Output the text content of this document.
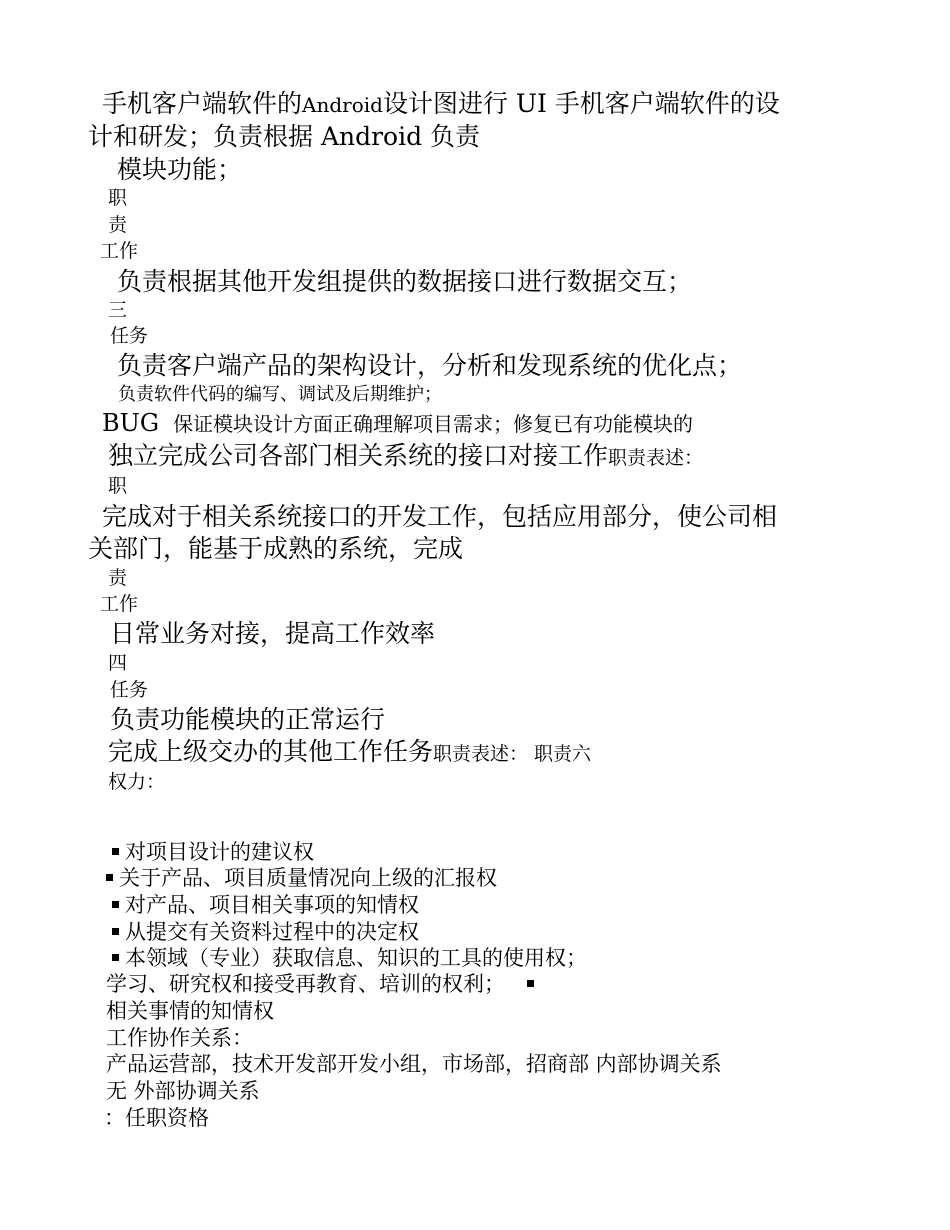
手机客户端软件的Android设计图进行 UI 手机客户端软件的设
计和研发；负责根据 Android 负责
模块功能；
职
责
工作
负责根据其他开发组提供的数据接口进行数据交互；
三
任务
负责客户端产品的架构设计，分析和发现系统的优化点；
负责软件代码的编写、调试及后期维护；
BUG 保证模块设计方面正确理解项目需求；修复已有功能模块的
独立完成公司各部门相关系统的接口对接工作职责表述：
职
完成对于相关系统接口的开发工作，包括应用部分，使公司相
关部门，能基于成熟的系统，完成
责
工作
日常业务对接，提高工作效率
四
任务
负责功能模块的正常运行
完成上级交办的其他工作任务职责表述： 职责六
权力：
对项目设计的建议权
关于产品、项目质量情况向上级的汇报权
对产品、项目相关事项的知情权
从提交有关资料过程中的决定权
本领域（专业）获取信息、知识的工具的使用权；
学习、研究权和接受再教育、培训的权利；
相关事情的知情权
工作协作关系：
产品运营部，技术开发部开发小组，市场部，招商部 内部协调关系
无 外部协调关系
：任职资格
